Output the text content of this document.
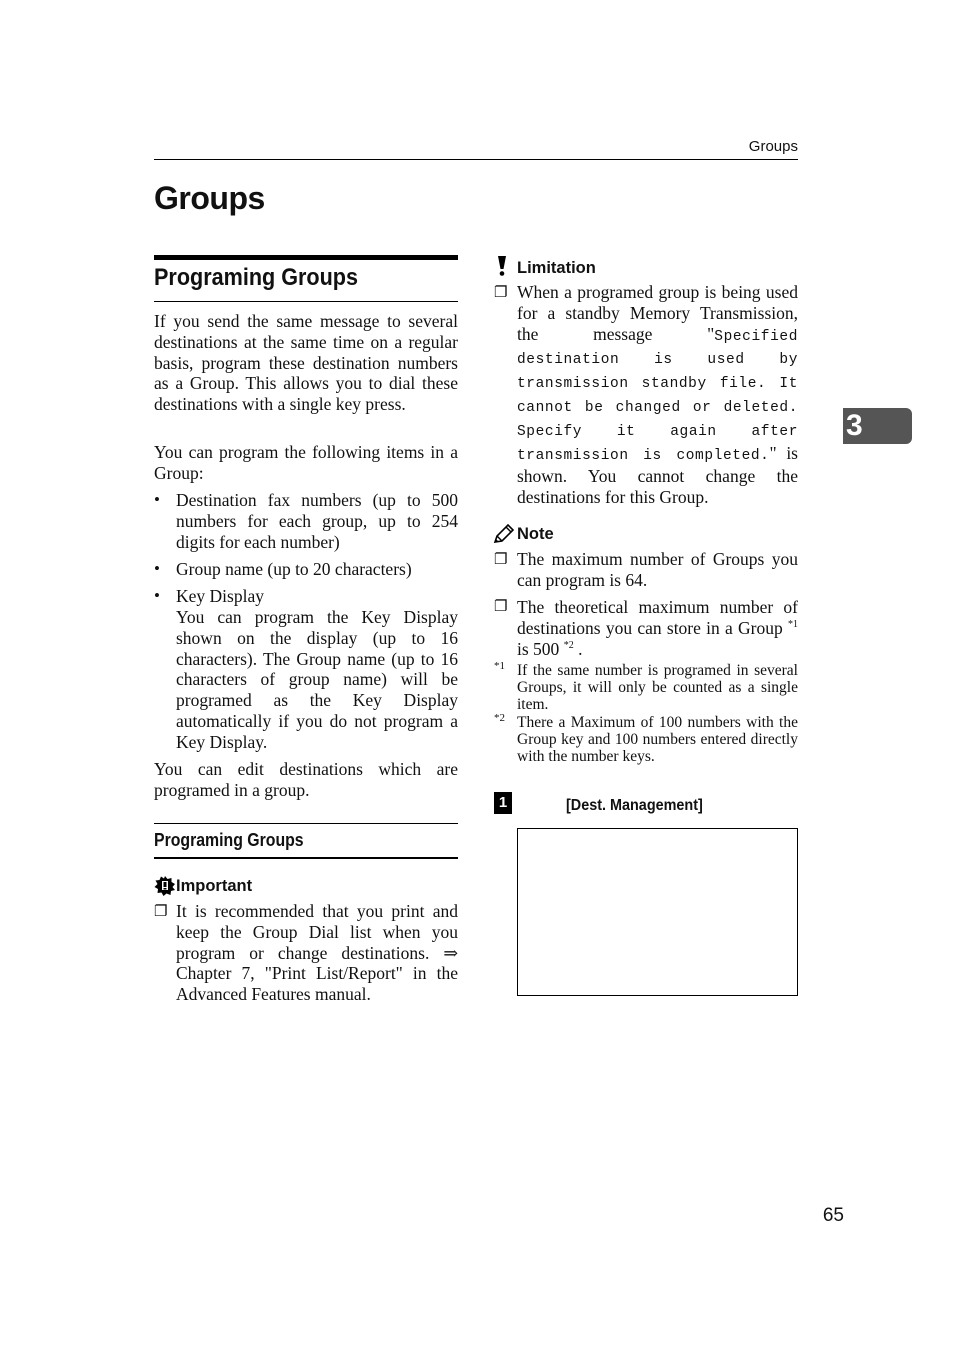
Groups
Groups
Programing Groups

If you send the same message to several destinations at the same time on a regular basis, program these destination numbers as a Group. This allows you to dial these destinations with a single key press.

You can program the following items in a Group:

• Destination fax numbers (up to 500 numbers for each group, up to 254 digits for each number)

• Group name (up to 20 characters)

• Key Display

You can program the Key Display shown on the display (up to 16 characters). The Group name (up to 16 characters of group name) will be programed as the Key Display automatically if you do not program a Key Display.

You can edit destinations which are programed in a group.

Programing Groups
Important
❐ It is recommended that you print and keep the Group Dial list when you program or change destinations. ⇒ Chapter 7, "Print List/Report" in the Advanced Features manual.

Limitation
❐ When a programed group is being used for a standby Memory Transmission, the message "Specified destination is used by transmission standby file. It cannot be changed or deleted. Specify it again after transmission is completed." is shown. You cannot change the destinations for this Group.

Note
❐ The maximum number of Groups you can program is 64.

❐ The theoretical maximum number of destinations you can store in a Group $^{*1}$ is 500 $^{*2}$ .

*1 If the same number is programed in several Groups, it will only be counted as a single item.

*2 There a Maximum of 100 numbers with the Group key and 100 numbers entered directly with the number keys.

1	[Dest. Management]
3
65
